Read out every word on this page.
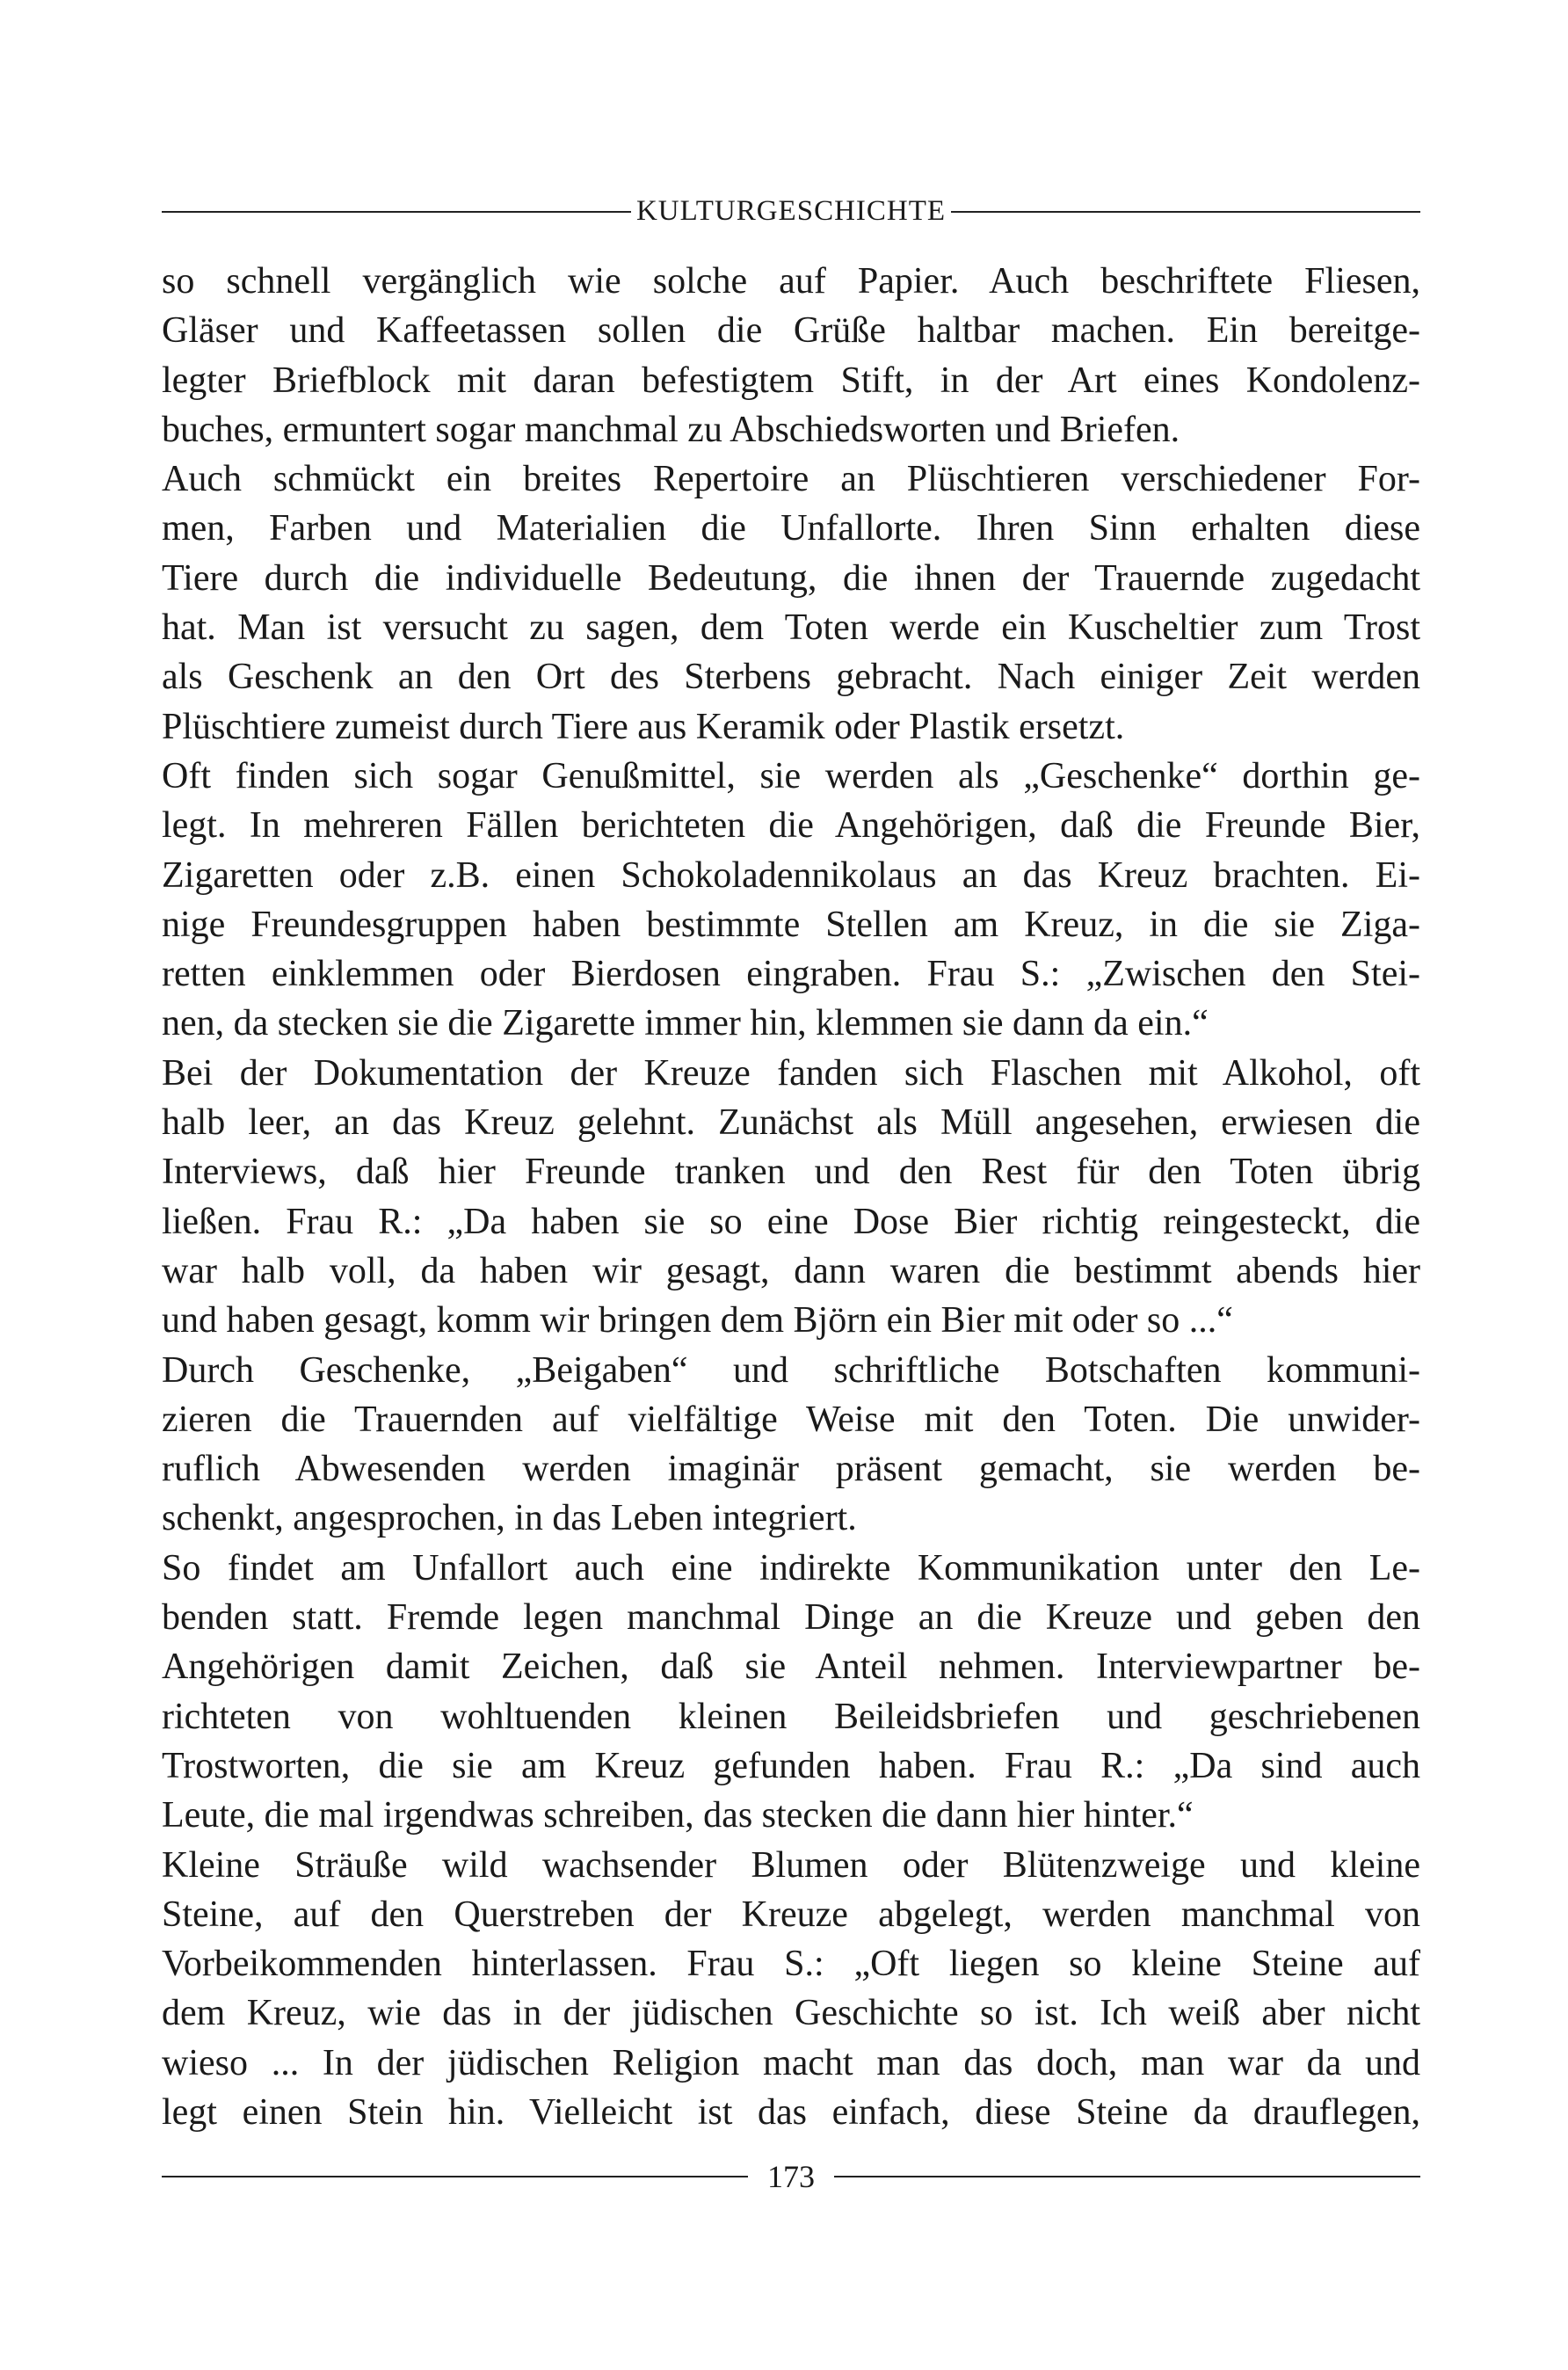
KULTURGESCHICHTE
so schnell vergänglich wie solche auf Papier. Auch beschriftete Fliesen,
Gläser und Kaffeetassen sollen die Grüße haltbar machen. Ein bereitge-
legter Briefblock mit daran befestigtem Stift, in der Art eines Kondolenz-
buches, ermuntert sogar manchmal zu Abschiedsworten und Briefen.
Auch schmückt ein breites Repertoire an Plüschtieren verschiedener For-
men, Farben und Materialien die Unfallorte. Ihren Sinn erhalten diese
Tiere durch die individuelle Bedeutung, die ihnen der Trauernde zugedacht
hat. Man ist versucht zu sagen, dem Toten werde ein Kuscheltier zum Trost
als Geschenk an den Ort des Sterbens gebracht. Nach einiger Zeit werden
Plüschtiere zumeist durch Tiere aus Keramik oder Plastik ersetzt.
Oft finden sich sogar Genußmittel, sie werden als „Geschenke“ dorthin ge-
legt. In mehreren Fällen berichteten die Angehörigen, daß die Freunde Bier,
Zigaretten oder z.B. einen Schokoladennikolaus an das Kreuz brachten. Ei-
nige Freundesgruppen haben bestimmte Stellen am Kreuz, in die sie Ziga-
retten einklemmen oder Bierdosen eingraben. Frau S.: „Zwischen den Stei-
nen, da stecken sie die Zigarette immer hin, klemmen sie dann da ein.“
Bei der Dokumentation der Kreuze fanden sich Flaschen mit Alkohol, oft
halb leer, an das Kreuz gelehnt. Zunächst als Müll angesehen, erwiesen die
Interviews, daß hier Freunde tranken und den Rest für den Toten übrig
ließen. Frau R.: „Da haben sie so eine Dose Bier richtig reingesteckt, die
war halb voll, da haben wir gesagt, dann waren die bestimmt abends hier
und haben gesagt, komm wir bringen dem Björn ein Bier mit oder so ...“
Durch Geschenke, „Beigaben“ und schriftliche Botschaften kommuni-
zieren die Trauernden auf vielfältige Weise mit den Toten. Die unwider-
ruflich Abwesenden werden imaginär präsent gemacht, sie werden be-
schenkt, angesprochen, in das Leben integriert.
So findet am Unfallort auch eine indirekte Kommunikation unter den Le-
benden statt. Fremde legen manchmal Dinge an die Kreuze und geben den
Angehörigen damit Zeichen, daß sie Anteil nehmen. Interviewpartner be-
richteten von wohltuenden kleinen Beileidsbriefen und geschriebenen
Trostworten, die sie am Kreuz gefunden haben. Frau R.: „Da sind auch
Leute, die mal irgendwas schreiben, das stecken die dann hier hinter.“
Kleine Sträuße wild wachsender Blumen oder Blütenzweige und kleine
Steine, auf den Querstreben der Kreuze abgelegt, werden manchmal von
Vorbeikommenden hinterlassen. Frau S.: „Oft liegen so kleine Steine auf
dem Kreuz, wie das in der jüdischen Geschichte so ist. Ich weiß aber nicht
wieso ... In der jüdischen Religion macht man das doch, man war da und
legt einen Stein hin. Vielleicht ist das einfach, diese Steine da drauflegen,
173
